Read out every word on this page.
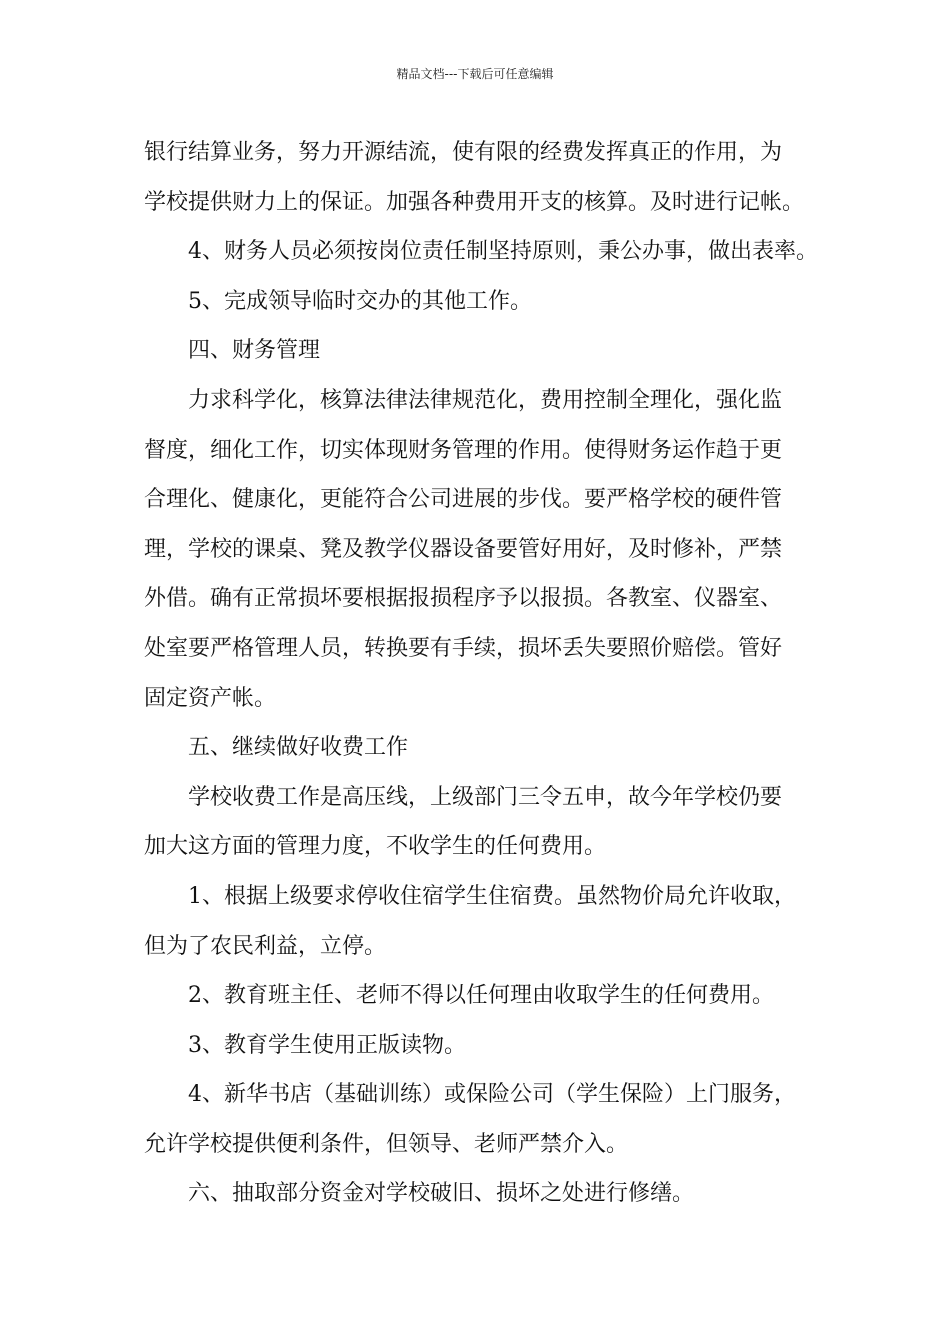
精品文档---下载后可任意编辑
银行结算业务，努力开源结流，使有限的经费发挥真正的作用，为
学校提供财力上的保证。加强各种费用开支的核算。及时进行记帐。
4、财务人员必须按岗位责任制坚持原则，秉公办事，做出表率。
5、完成领导临时交办的其他工作。
四、财务管理
力求科学化，核算法律法律规范化，费用控制全理化，强化监
督度，细化工作，切实体现财务管理的作用。使得财务运作趋于更
合理化、健康化，更能符合公司进展的步伐。要严格学校的硬件管
理，学校的课桌、凳及教学仪器设备要管好用好，及时修补，严禁
外借。确有正常损坏要根据报损程序予以报损。各教室、仪器室、
处室要严格管理人员，转换要有手续，损坏丢失要照价赔偿。管好
固定资产帐。
五、继续做好收费工作
学校收费工作是高压线，上级部门三令五申，故今年学校仍要
加大这方面的管理力度，不收学生的任何费用。
1、根据上级要求停收住宿学生住宿费。虽然物价局允许收取，
但为了农民利益，立停。
2、教育班主任、老师不得以任何理由收取学生的任何费用。
3、教育学生使用正版读物。
4、新华书店（基础训练）或保险公司（学生保险）上门服务，
允许学校提供便利条件，但领导、老师严禁介入。
六、抽取部分资金对学校破旧、损坏之处进行修缮。
